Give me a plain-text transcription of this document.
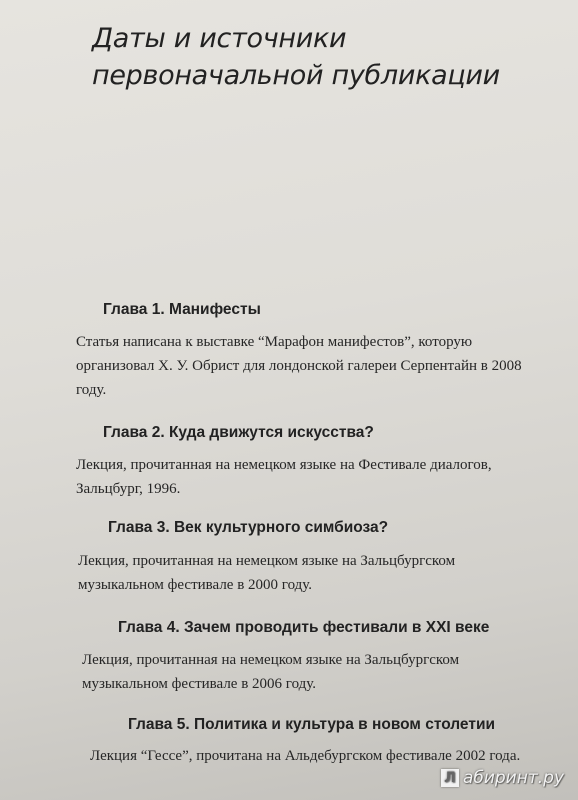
Даты и источники первоначальной публикации
Глава 1. Манифесты
Статья написана к выставке “Марафон манифестов”, которую организовал Х. У. Обрист для лондонской галереи Серпентайн в 2008 году.
Глава 2. Куда движутся искусства?
Лекция, прочитанная на немецком языке на Фестивале диалогов, Зальцбург, 1996.
Глава 3. Век культурного симбиоза?
Лекция, прочитанная на немецком языке на Зальцбургском музыкальном фестивале в 2000 году.
Глава 4. Зачем проводить фестивали в XXI веке
Лекция, прочитанная на немецком языке на Зальцбургском музыкальном фестивале в 2006 году.
Глава 5. Политика и культура в новом столетии
Лекция “Гессе”, прочитана на Альдебургском фестивале 2002 года.
Л абиринт.ру
